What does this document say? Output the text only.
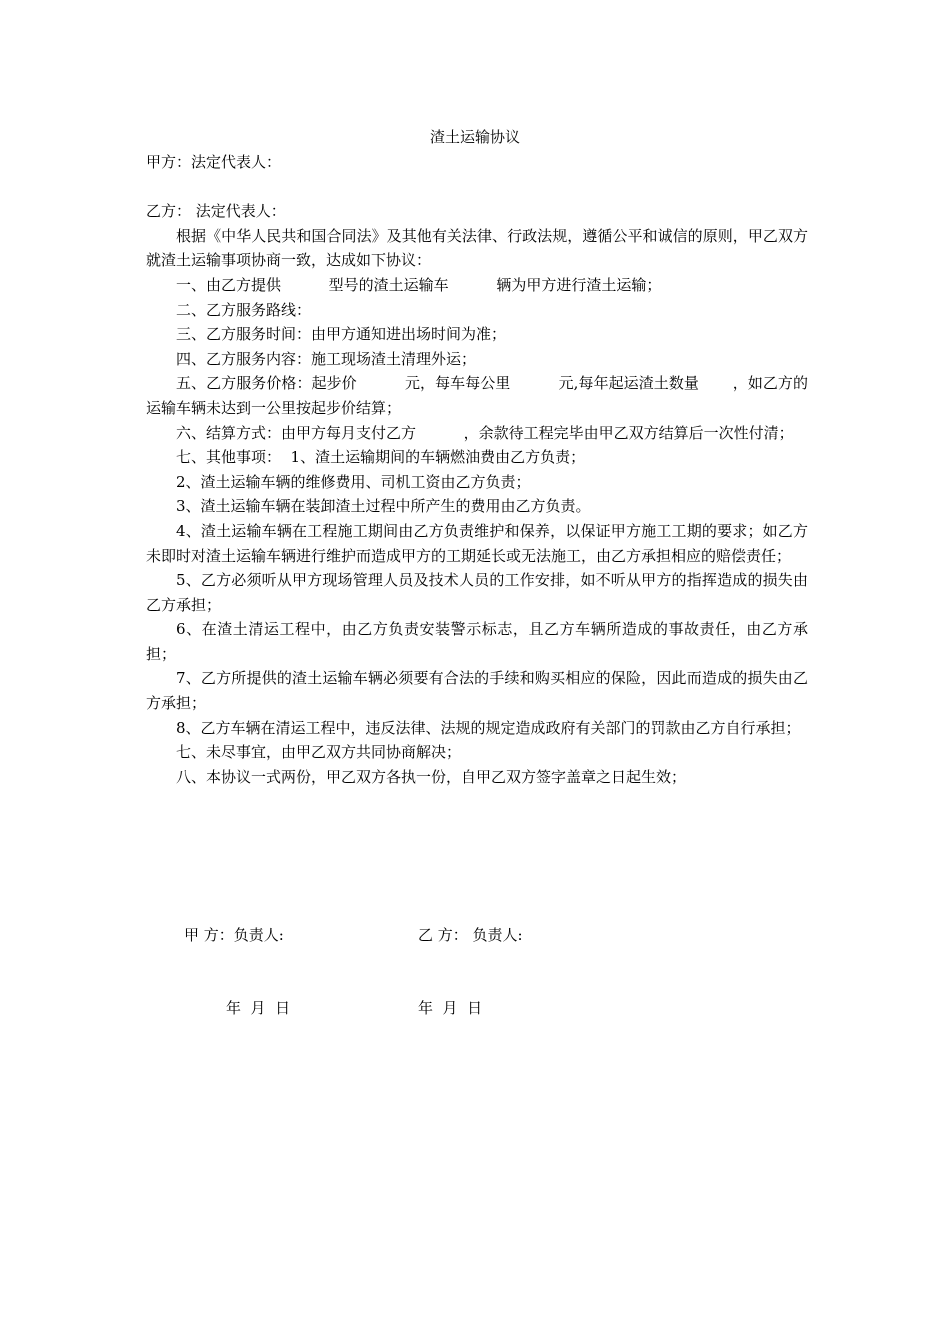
渣土运输协议

甲方：法定代表人：

乙方： 法定代表人：

根据《中华人民共和国合同法》及其他有关法律、行政法规，遵循公平和诚信的原则，甲乙双方就渣土运输事项协商一致，达成如下协议：

一、由乙方提供          型号的渣土运输车          辆为甲方进行渣土运输；

二、乙方服务路线：

三、乙方服务时间：由甲方通知进出场时间为准；

四、乙方服务内容：施工现场渣土清理外运；

五、乙方服务价格：起步价          元，每车每公里          元,每年起运渣土数量       ，如乙方的运输车辆未达到一公里按起步价结算；

六、结算方式：由甲方每月支付乙方          ，余款待工程完毕由甲乙双方结算后一次性付清；

七、其他事项：  1、渣土运输期间的车辆燃油费由乙方负责；

2、渣土运输车辆的维修费用、司机工资由乙方负责；

3、渣土运输车辆在装卸渣土过程中所产生的费用由乙方负责。

4、渣土运输车辆在工程施工期间由乙方负责维护和保养，以保证甲方施工工期的要求；如乙方未即时对渣土运输车辆进行维护而造成甲方的工期延长或无法施工，由乙方承担相应的赔偿责任；

5、乙方必须听从甲方现场管理人员及技术人员的工作安排，如不听从甲方的指挥造成的损失由乙方承担；

6、在渣土清运工程中，由乙方负责安装警示标志，且乙方车辆所造成的事故责任，由乙方承担；

7、乙方所提供的渣土运输车辆必须要有合法的手续和购买相应的保险，因此而造成的损失由乙方承担；

8、乙方车辆在清运工程中，违反法律、法规的规定造成政府有关部门的罚款由乙方自行承担；

七、未尽事宜，由甲乙双方共同协商解决；

八、本协议一式两份，甲乙双方各执一份，自甲乙双方签字盖章之日起生效；

甲 方：负责人:	乙 方： 负责人:
年  月  日	年  月  日
